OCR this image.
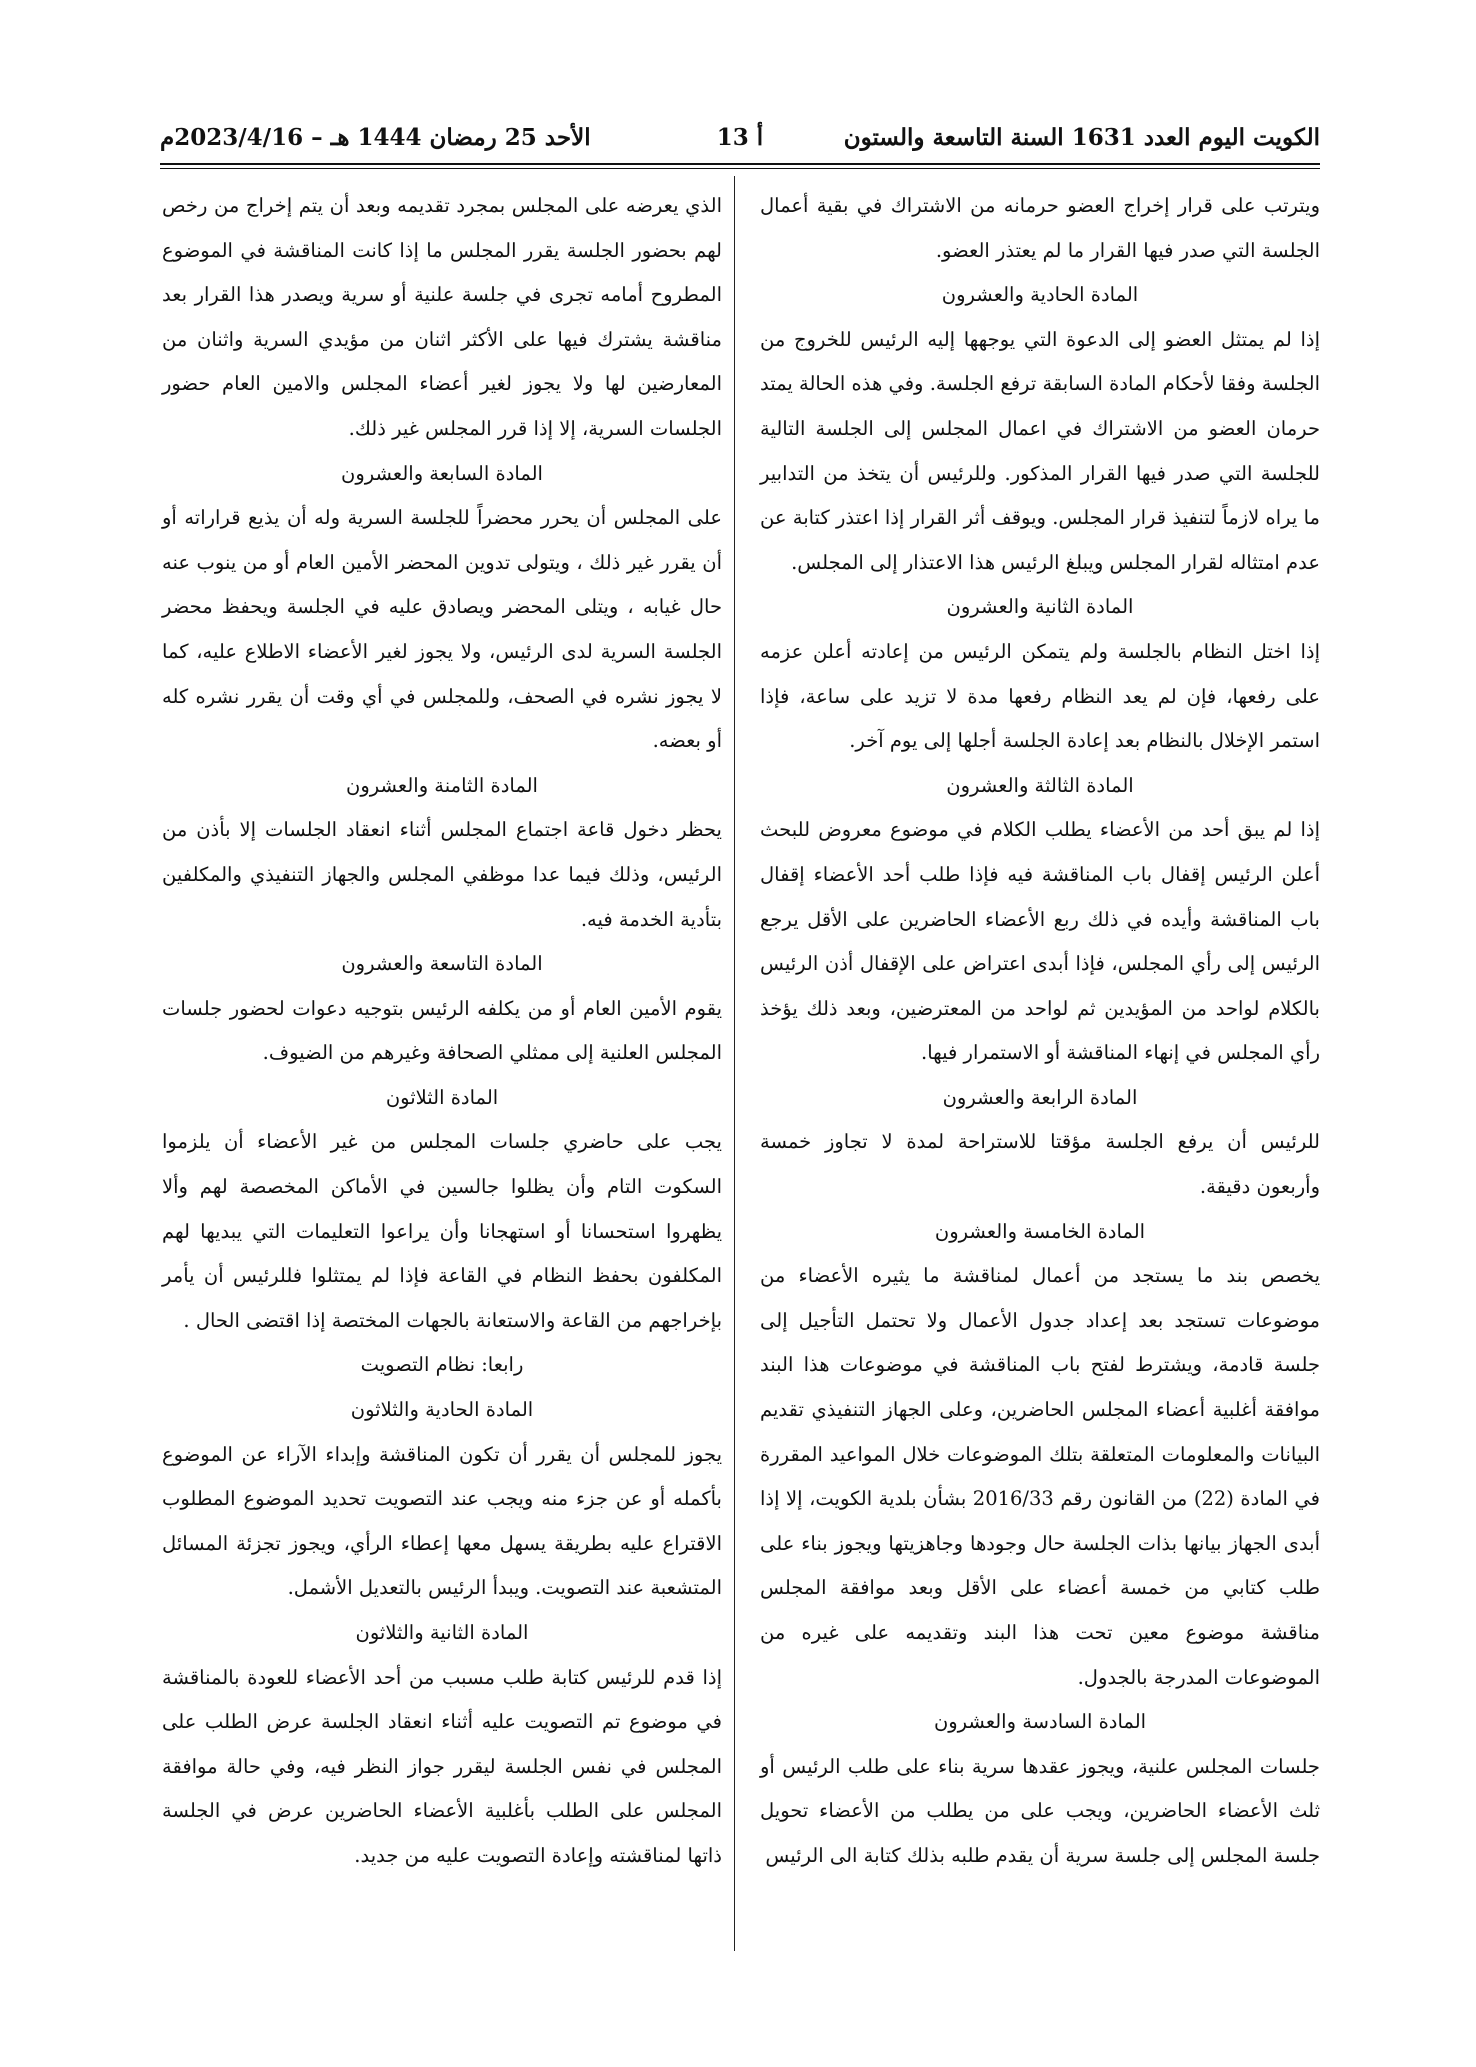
الكويت اليوم العدد 1631 السنة التاسعة والستون
أ 13
الأحد 25 رمضان 1444 هـ – 2023/4/16م

ويترتب على قرار إخراج العضو حرمانه من الاشتراك في بقية أعمال الجلسة التي صدر فيها القرار ما لم يعتذر العضو.

المادة الحادية والعشرون

إذا لم يمتثل العضو إلى الدعوة التي يوجهها إليه الرئيس للخروج من الجلسة وفقا لأحكام المادة السابقة ترفع الجلسة. وفي هذه الحالة يمتد حرمان العضو من الاشتراك في اعمال المجلس إلى الجلسة التالية للجلسة التي صدر فيها القرار المذكور. وللرئيس أن يتخذ من التدابير ما يراه لازماً لتنفيذ قرار المجلس. ويوقف أثر القرار إذا اعتذر كتابة عن عدم امتثاله لقرار المجلس ويبلغ الرئيس هذا الاعتذار إلى المجلس.

المادة الثانية والعشرون

إذا اختل النظام بالجلسة ولم يتمكن الرئيس من إعادته أعلن عزمه على رفعها، فإن لم يعد النظام رفعها مدة لا تزيد على ساعة، فإذا استمر الإخلال بالنظام بعد إعادة الجلسة أجلها إلى يوم آخر.

المادة الثالثة والعشرون

إذا لم يبق أحد من الأعضاء يطلب الكلام في موضوع معروض للبحث أعلن الرئيس إقفال باب المناقشة فيه فإذا طلب أحد الأعضاء إقفال باب المناقشة وأيده في ذلك ربع الأعضاء الحاضرين على الأقل يرجع الرئيس إلى رأي المجلس، فإذا أبدى اعتراض على الإقفال أذن الرئيس بالكلام لواحد من المؤيدين ثم لواحد من المعترضين، وبعد ذلك يؤخذ رأي المجلس في إنهاء المناقشة أو الاستمرار فيها.

المادة الرابعة والعشرون

للرئيس أن يرفع الجلسة مؤقتا للاستراحة لمدة لا تجاوز خمسة وأربعون دقيقة.

المادة الخامسة والعشرون

يخصص بند ما يستجد من أعمال لمناقشة ما يثيره الأعضاء من موضوعات تستجد بعد إعداد جدول الأعمال ولا تحتمل التأجيل إلى جلسة قادمة، ويشترط لفتح باب المناقشة في موضوعات هذا البند موافقة أغلبية أعضاء المجلس الحاضرين، وعلى الجهاز التنفيذي تقديم البيانات والمعلومات المتعلقة بتلك الموضوعات خلال المواعيد المقررة في المادة (22) من القانون رقم 2016/33 بشأن بلدية الكويت، إلا إذا أبدى الجهاز بيانها بذات الجلسة حال وجودها وجاهزيتها ويجوز بناء على طلب كتابي من خمسة أعضاء على الأقل وبعد موافقة المجلس مناقشة موضوع معين تحت هذا البند وتقديمه على غيره من الموضوعات المدرجة بالجدول.

المادة السادسة والعشرون

جلسات المجلس علنية، ويجوز عقدها سرية بناء على طلب الرئيس أو ثلث الأعضاء الحاضرين، ويجب على من يطلب من الأعضاء تحويل جلسة المجلس إلى جلسة سرية أن يقدم طلبه بذلك كتابة الى الرئيس

الذي يعرضه على المجلس بمجرد تقديمه وبعد أن يتم إخراج من رخص لهم بحضور الجلسة يقرر المجلس ما إذا كانت المناقشة في الموضوع المطروح أمامه تجرى في جلسة علنية أو سرية ويصدر هذا القرار بعد مناقشة يشترك فيها على الأكثر اثنان من مؤيدي السرية واثنان من المعارضين لها ولا يجوز لغير أعضاء المجلس والامين العام حضور الجلسات السرية، إلا إذا قرر المجلس غير ذلك.

المادة السابعة والعشرون

على المجلس أن يحرر محضراً للجلسة السرية وله أن يذيع قراراته أو أن يقرر غير ذلك ، ويتولى تدوين المحضر الأمين العام أو من ينوب عنه حال غيابه ، ويتلى المحضر ويصادق عليه في الجلسة ويحفظ محضر الجلسة السرية لدى الرئيس، ولا يجوز لغير الأعضاء الاطلاع عليه، كما لا يجوز نشره في الصحف، وللمجلس في أي وقت أن يقرر نشره كله أو بعضه.

المادة الثامنة والعشرون

يحظر دخول قاعة اجتماع المجلس أثناء انعقاد الجلسات إلا بأذن من الرئيس، وذلك فيما عدا موظفي المجلس والجهاز التنفيذي والمكلفين بتأدية الخدمة فيه.

المادة التاسعة والعشرون

يقوم الأمين العام أو من يكلفه الرئيس بتوجيه دعوات لحضور جلسات المجلس العلنية إلى ممثلي الصحافة وغيرهم من الضيوف.

المادة الثلاثون

يجب على حاضري جلسات المجلس من غير الأعضاء أن يلزموا السكوت التام وأن يظلوا جالسين في الأماكن المخصصة لهم وألا يظهروا استحسانا أو استهجانا وأن يراعوا التعليمات التي يبديها لهم المكلفون بحفظ النظام في القاعة فإذا لم يمتثلوا فللرئيس أن يأمر بإخراجهم من القاعة والاستعانة بالجهات المختصة إذا اقتضى الحال .

رابعا: نظام التصويت

المادة الحادية والثلاثون

يجوز للمجلس أن يقرر أن تكون المناقشة وإبداء الآراء عن الموضوع بأكمله أو عن جزء منه ويجب عند التصويت تحديد الموضوع المطلوب الاقتراع عليه بطريقة يسهل معها إعطاء الرأي، ويجوز تجزئة المسائل المتشعبة عند التصويت. ويبدأ الرئيس بالتعديل الأشمل.

المادة الثانية والثلاثون

إذا قدم للرئيس كتابة طلب مسبب من أحد الأعضاء للعودة بالمناقشة في موضوع تم التصويت عليه أثناء انعقاد الجلسة عرض الطلب على المجلس في نفس الجلسة ليقرر جواز النظر فيه، وفي حالة موافقة المجلس على الطلب بأغلبية الأعضاء الحاضرين عرض في الجلسة ذاتها لمناقشته وإعادة التصويت عليه من جديد.
